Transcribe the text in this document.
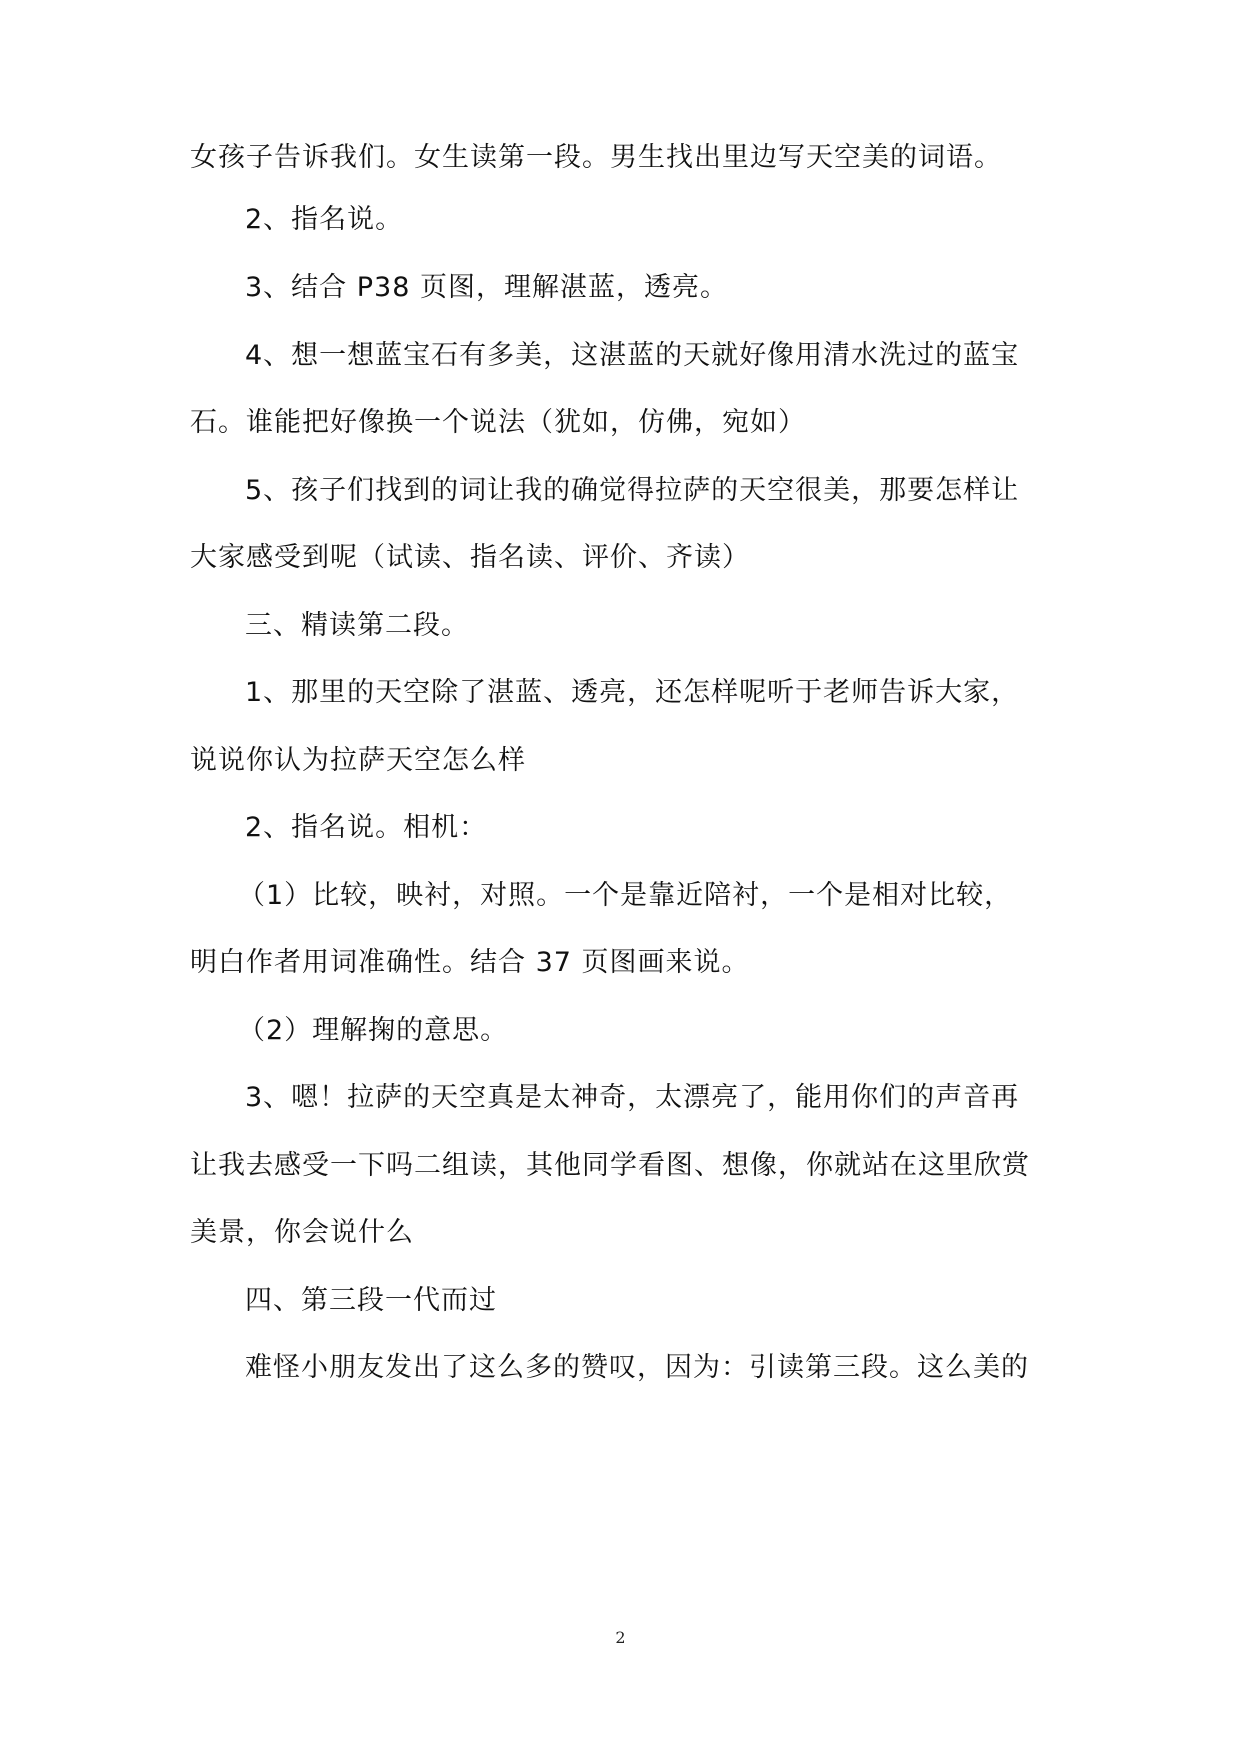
女孩子告诉我们。女生读第一段。男生找出里边写天空美的词语。
2、指名说。
3、结合 P38 页图，理解湛蓝，透亮。
4、想一想蓝宝石有多美，这湛蓝的天就好像用清水洗过的蓝宝
石。谁能把好像换一个说法（犹如，仿佛，宛如）
5、孩子们找到的词让我的确觉得拉萨的天空很美，那要怎样让
大家感受到呢（试读、指名读、评价、齐读）
三、精读第二段。
1、那里的天空除了湛蓝、透亮，还怎样呢听于老师告诉大家，
说说你认为拉萨天空怎么样
2、指名说。相机：
（1）比较，映衬，对照。一个是靠近陪衬，一个是相对比较，
明白作者用词准确性。结合 37 页图画来说。
（2）理解掬的意思。
3、嗯！拉萨的天空真是太神奇，太漂亮了，能用你们的声音再
让我去感受一下吗二组读，其他同学看图、想像，你就站在这里欣赏
美景，你会说什么
四、第三段一代而过
难怪小朋友发出了这么多的赞叹，因为：引读第三段。这么美的
2
